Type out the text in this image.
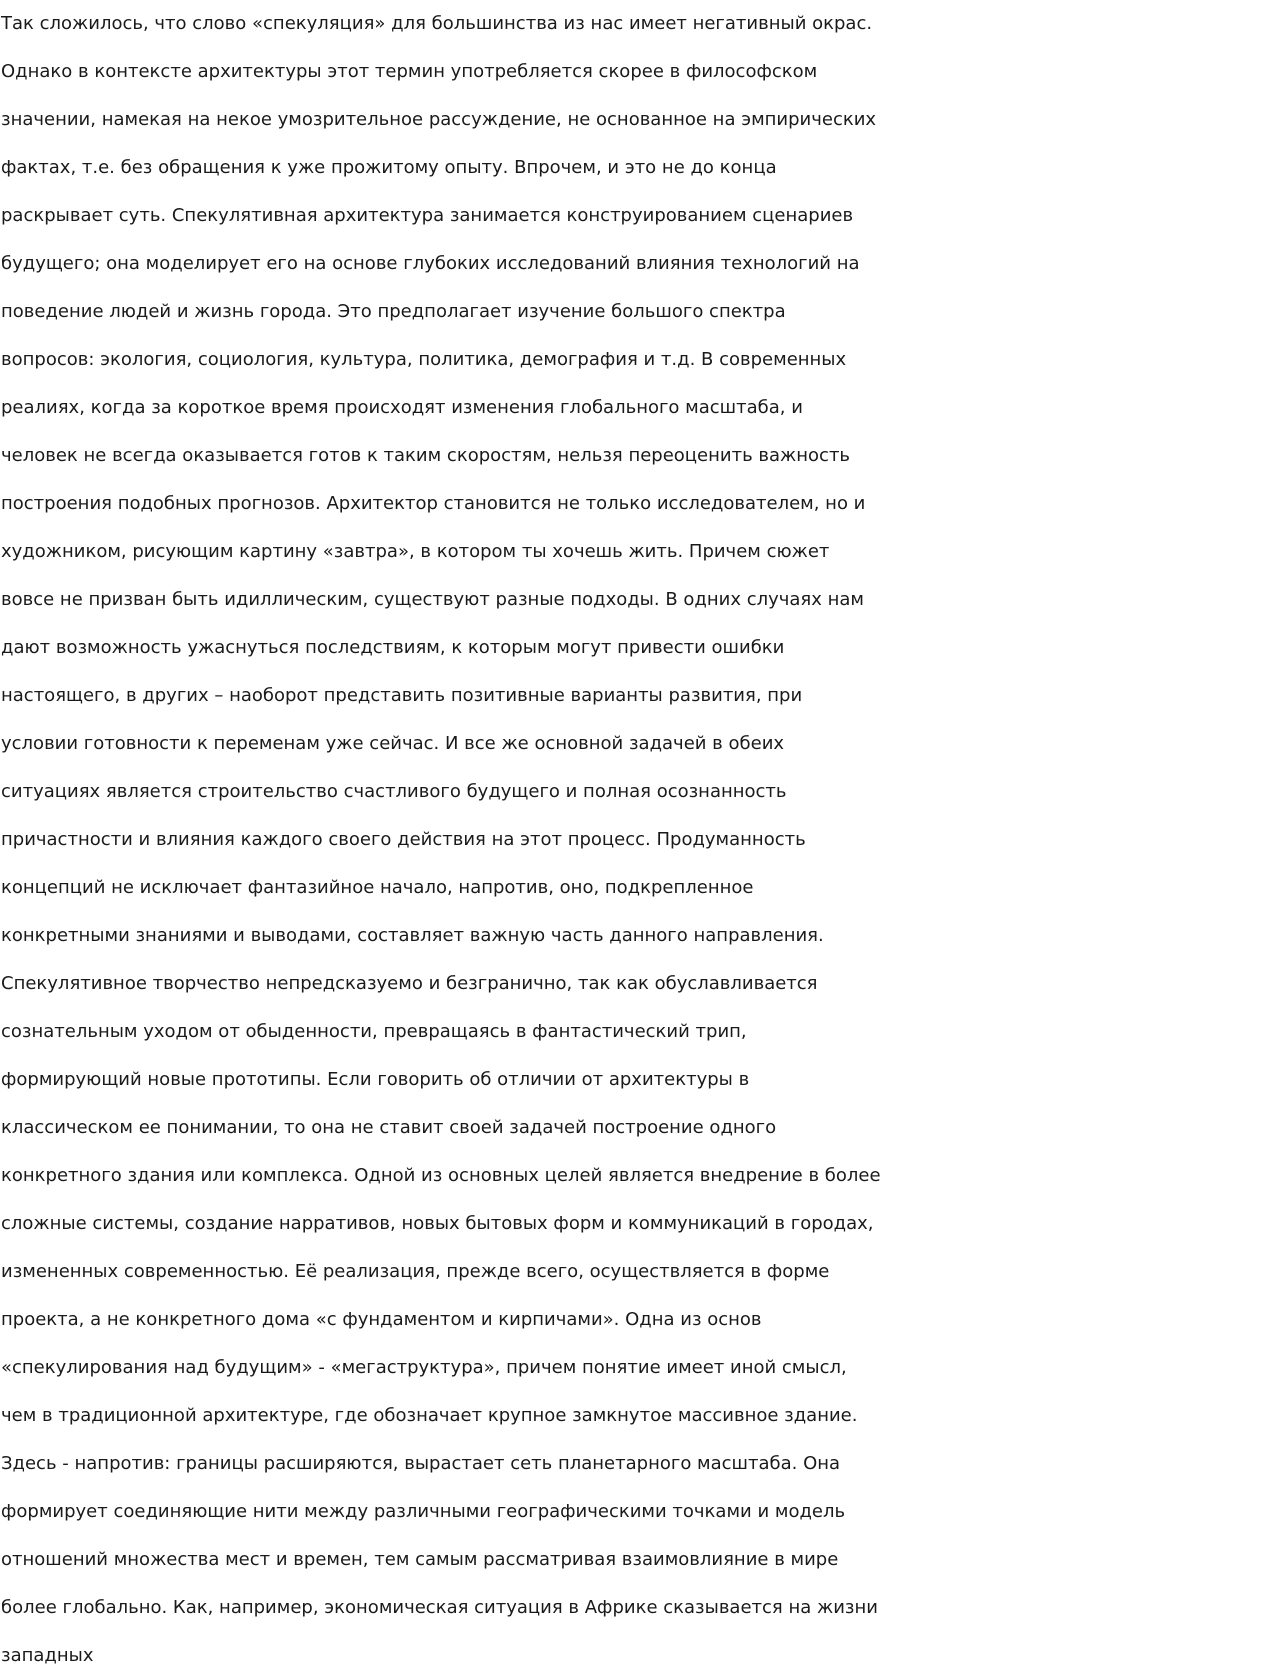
Так сложилось, что слово «спекуляция» для большинства из нас имеет негативный окрас.
Однако в контексте архитектуры этот термин употребляется скорее в философском
значении, намекая на некое умозрительное рассуждение, не основанное на эмпирических
фактах, т.е. без обращения к уже прожитому опыту. Впрочем, и это не до конца
раскрывает суть. Спекулятивная архитектура занимается конструированием сценариев
будущего; она моделирует его на основе глубоких исследований влияния технологий на
поведение людей и жизнь города. Это предполагает изучение большого спектра
вопросов: экология, социология, культура, политика, демография и т.д. В современных
реалиях, когда за короткое время происходят изменения глобального масштаба, и
человек не всегда оказывается готов к таким скоростям, нельзя переоценить важность
построения подобных прогнозов. Архитектор становится не только исследователем, но и
художником, рисующим картину «завтра», в котором ты хочешь жить. Причем сюжет
вовсе не призван быть идиллическим, существуют разные подходы. В одних случаях нам
дают возможность ужаснуться последствиям, к которым могут привести ошибки
настоящего, в других – наоборот представить позитивные варианты развития, при
условии готовности к переменам уже сейчас. И все же основной задачей в обеих
ситуациях является строительство счастливого будущего и полная осознанность
причастности и влияния каждого своего действия на этот процесс. Продуманность
концепций не исключает фантазийное начало, напротив, оно, подкрепленное
конкретными знаниями и выводами, составляет важную часть данного направления.
Спекулятивное творчество непредсказуемо и безгранично, так как обуславливается
сознательным уходом от обыденности, превращаясь в фантастический трип,
формирующий новые прототипы. Если говорить об отличии от архитектуры в
классическом ее понимании, то она не ставит своей задачей построение одного
конкретного здания или комплекса. Одной из основных целей является внедрение в более
сложные системы, создание нарративов, новых бытовых форм и коммуникаций в городах,
измененных современностью. Её реализация, прежде всего, осуществляется в форме
проекта, а не конкретного дома «с фундаментом и кирпичами». Одна из основ
«спекулирования над будущим» - «мегаструктура», причем понятие имеет иной смысл,
чем в традиционной архитектуре, где обозначает крупное замкнутое массивное здание.
Здесь - напротив: границы расширяются, вырастает сеть планетарного масштаба. Она
формирует соединяющие нити между различными географическими точками и модель
отношений множества мест и времен, тем самым рассматривая взаимовлияние в мире
более глобально. Как, например, экономическая ситуация в Африке сказывается на жизни
западных
